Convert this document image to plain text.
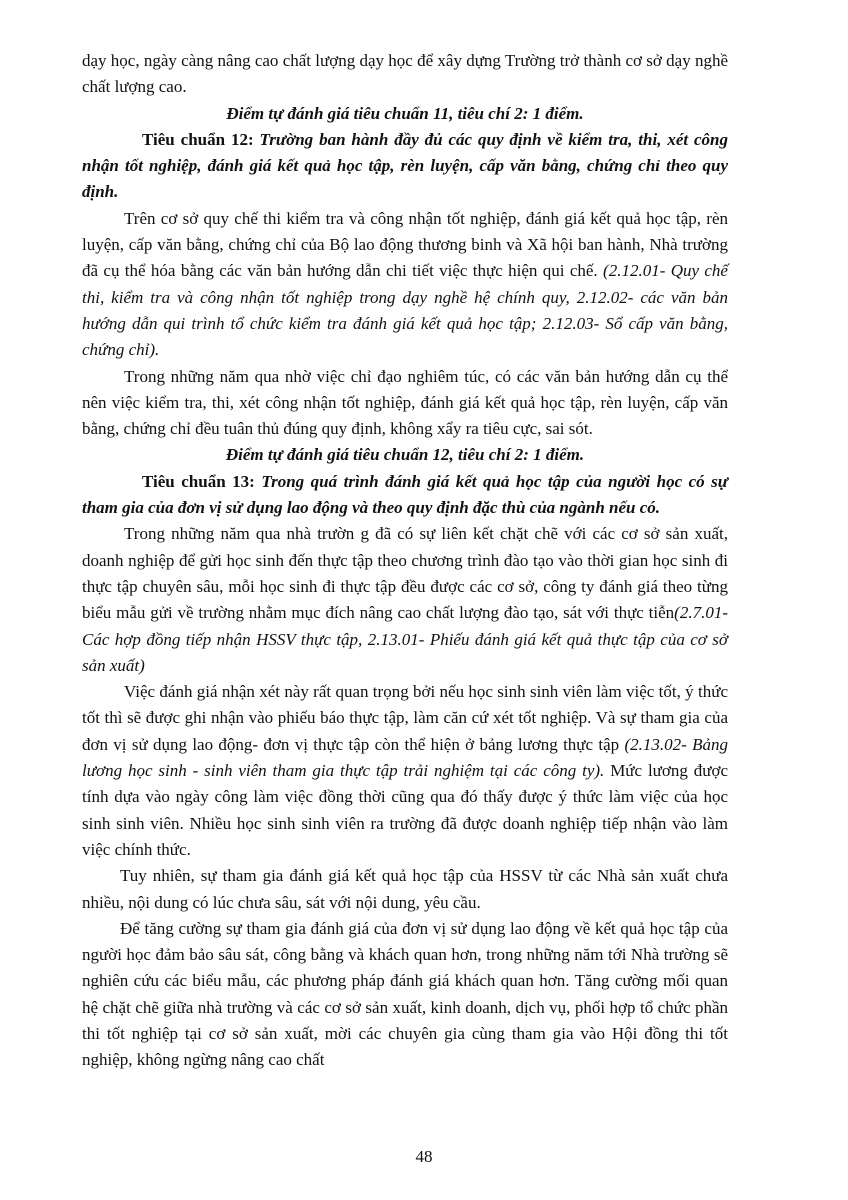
dạy học, ngày càng nâng cao chất lượng dạy học để xây dựng Trường trở thành cơ sở dạy nghề chất lượng cao.

Điểm tự đánh giá tiêu chuẩn 11, tiêu chí 2: 1 điểm.

Tiêu chuẩn 12: Trường ban hành đầy đủ các quy định về kiểm tra, thi, xét công nhận tốt nghiệp, đánh giá kết quả học tập, rèn luyện, cấp văn bằng, chứng chỉ theo quy định.

Trên cơ sở quy chế thi kiểm tra và công nhận tốt nghiệp, đánh giá kết quả học tập, rèn luyện, cấp văn bằng, chứng chỉ của Bộ lao động thương binh và Xã hội ban hành, Nhà trường đã cụ thể hóa bằng các văn bản hướng dẫn chi tiết việc thực hiện qui chế. (2.12.01- Quy chế thi, kiểm tra và công nhận tốt nghiệp trong dạy nghề hệ chính quy, 2.12.02- các văn bản hướng dẫn qui trình tổ chức kiểm tra đánh giá kết quả học tập; 2.12.03- Sổ cấp văn bằng, chứng chỉ).

Trong những năm qua nhờ việc chỉ đạo nghiêm túc, có các văn bản hướng dẫn cụ thể nên việc kiểm tra, thi, xét công nhận tốt nghiệp, đánh giá kết quả học tập, rèn luyện, cấp văn bằng, chứng chỉ đều tuân thủ đúng quy định, không xẩy ra tiêu cực, sai sót.

Điểm tự đánh giá tiêu chuẩn 12, tiêu chí 2: 1 điểm.

Tiêu chuẩn 13: Trong quá trình đánh giá kết quả học tập của người học có sự tham gia của đơn vị sử dụng lao động và theo quy định đặc thù của ngành nếu có.

Trong những năm qua nhà trườn g đã có sự liên kết chặt chẽ với các cơ sở sản xuất, doanh nghiệp để gửi học sinh đến thực tập theo chương trình đào tạo vào thời gian học sinh đi thực tập chuyên sâu, mỗi học sinh đi thực tập đều được các cơ sở, công ty đánh giá theo từng biểu mẫu gửi về trường nhằm mục đích nâng cao chất lượng đào tạo, sát với thực tiễn(2.7.01- Các hợp đồng tiếp nhận HSSV thực tập, 2.13.01- Phiếu đánh giá kết quả thực tập của cơ sở sản xuất)

Việc đánh giá nhận xét này rất quan trọng bởi nếu học sinh sinh viên làm việc tốt, ý thức tốt thì sẽ được ghi nhận vào phiếu báo thực tập, làm căn cứ xét tốt nghiệp. Và sự tham gia của đơn vị sử dụng lao động- đơn vị thực tập còn thể hiện ở bảng lương thực tập (2.13.02- Bảng lương học sinh - sinh viên tham gia thực tập trải nghiệm tại các công ty). Mức lương được tính dựa vào ngày công làm việc đồng thời cũng qua đó thấy được ý thức làm việc của học sinh sinh viên. Nhiều học sinh sinh viên ra trường đã được doanh nghiệp tiếp nhận vào làm việc chính thức.

Tuy nhiên, sự tham gia đánh giá kết quả học tập của HSSV từ các Nhà sản xuất chưa nhiều, nội dung có lúc chưa sâu, sát với nội dung, yêu cầu.

Để tăng cường sự tham gia đánh giá của đơn vị sử dụng lao động về kết quả học tập của người học đảm bảo sâu sát, công bằng và khách quan hơn, trong những năm tới Nhà trường sẽ nghiên cứu các biểu mẫu, các phương pháp đánh giá khách quan hơn. Tăng cường mối quan hệ chặt chẽ giữa nhà trường và các cơ sở sản xuất, kinh doanh, dịch vụ, phối hợp tổ chức phần thi tốt nghiệp tại cơ sở sản xuất, mời các chuyên gia cùng tham gia vào Hội đồng thi tốt nghiệp, không ngừng nâng cao chất

48
